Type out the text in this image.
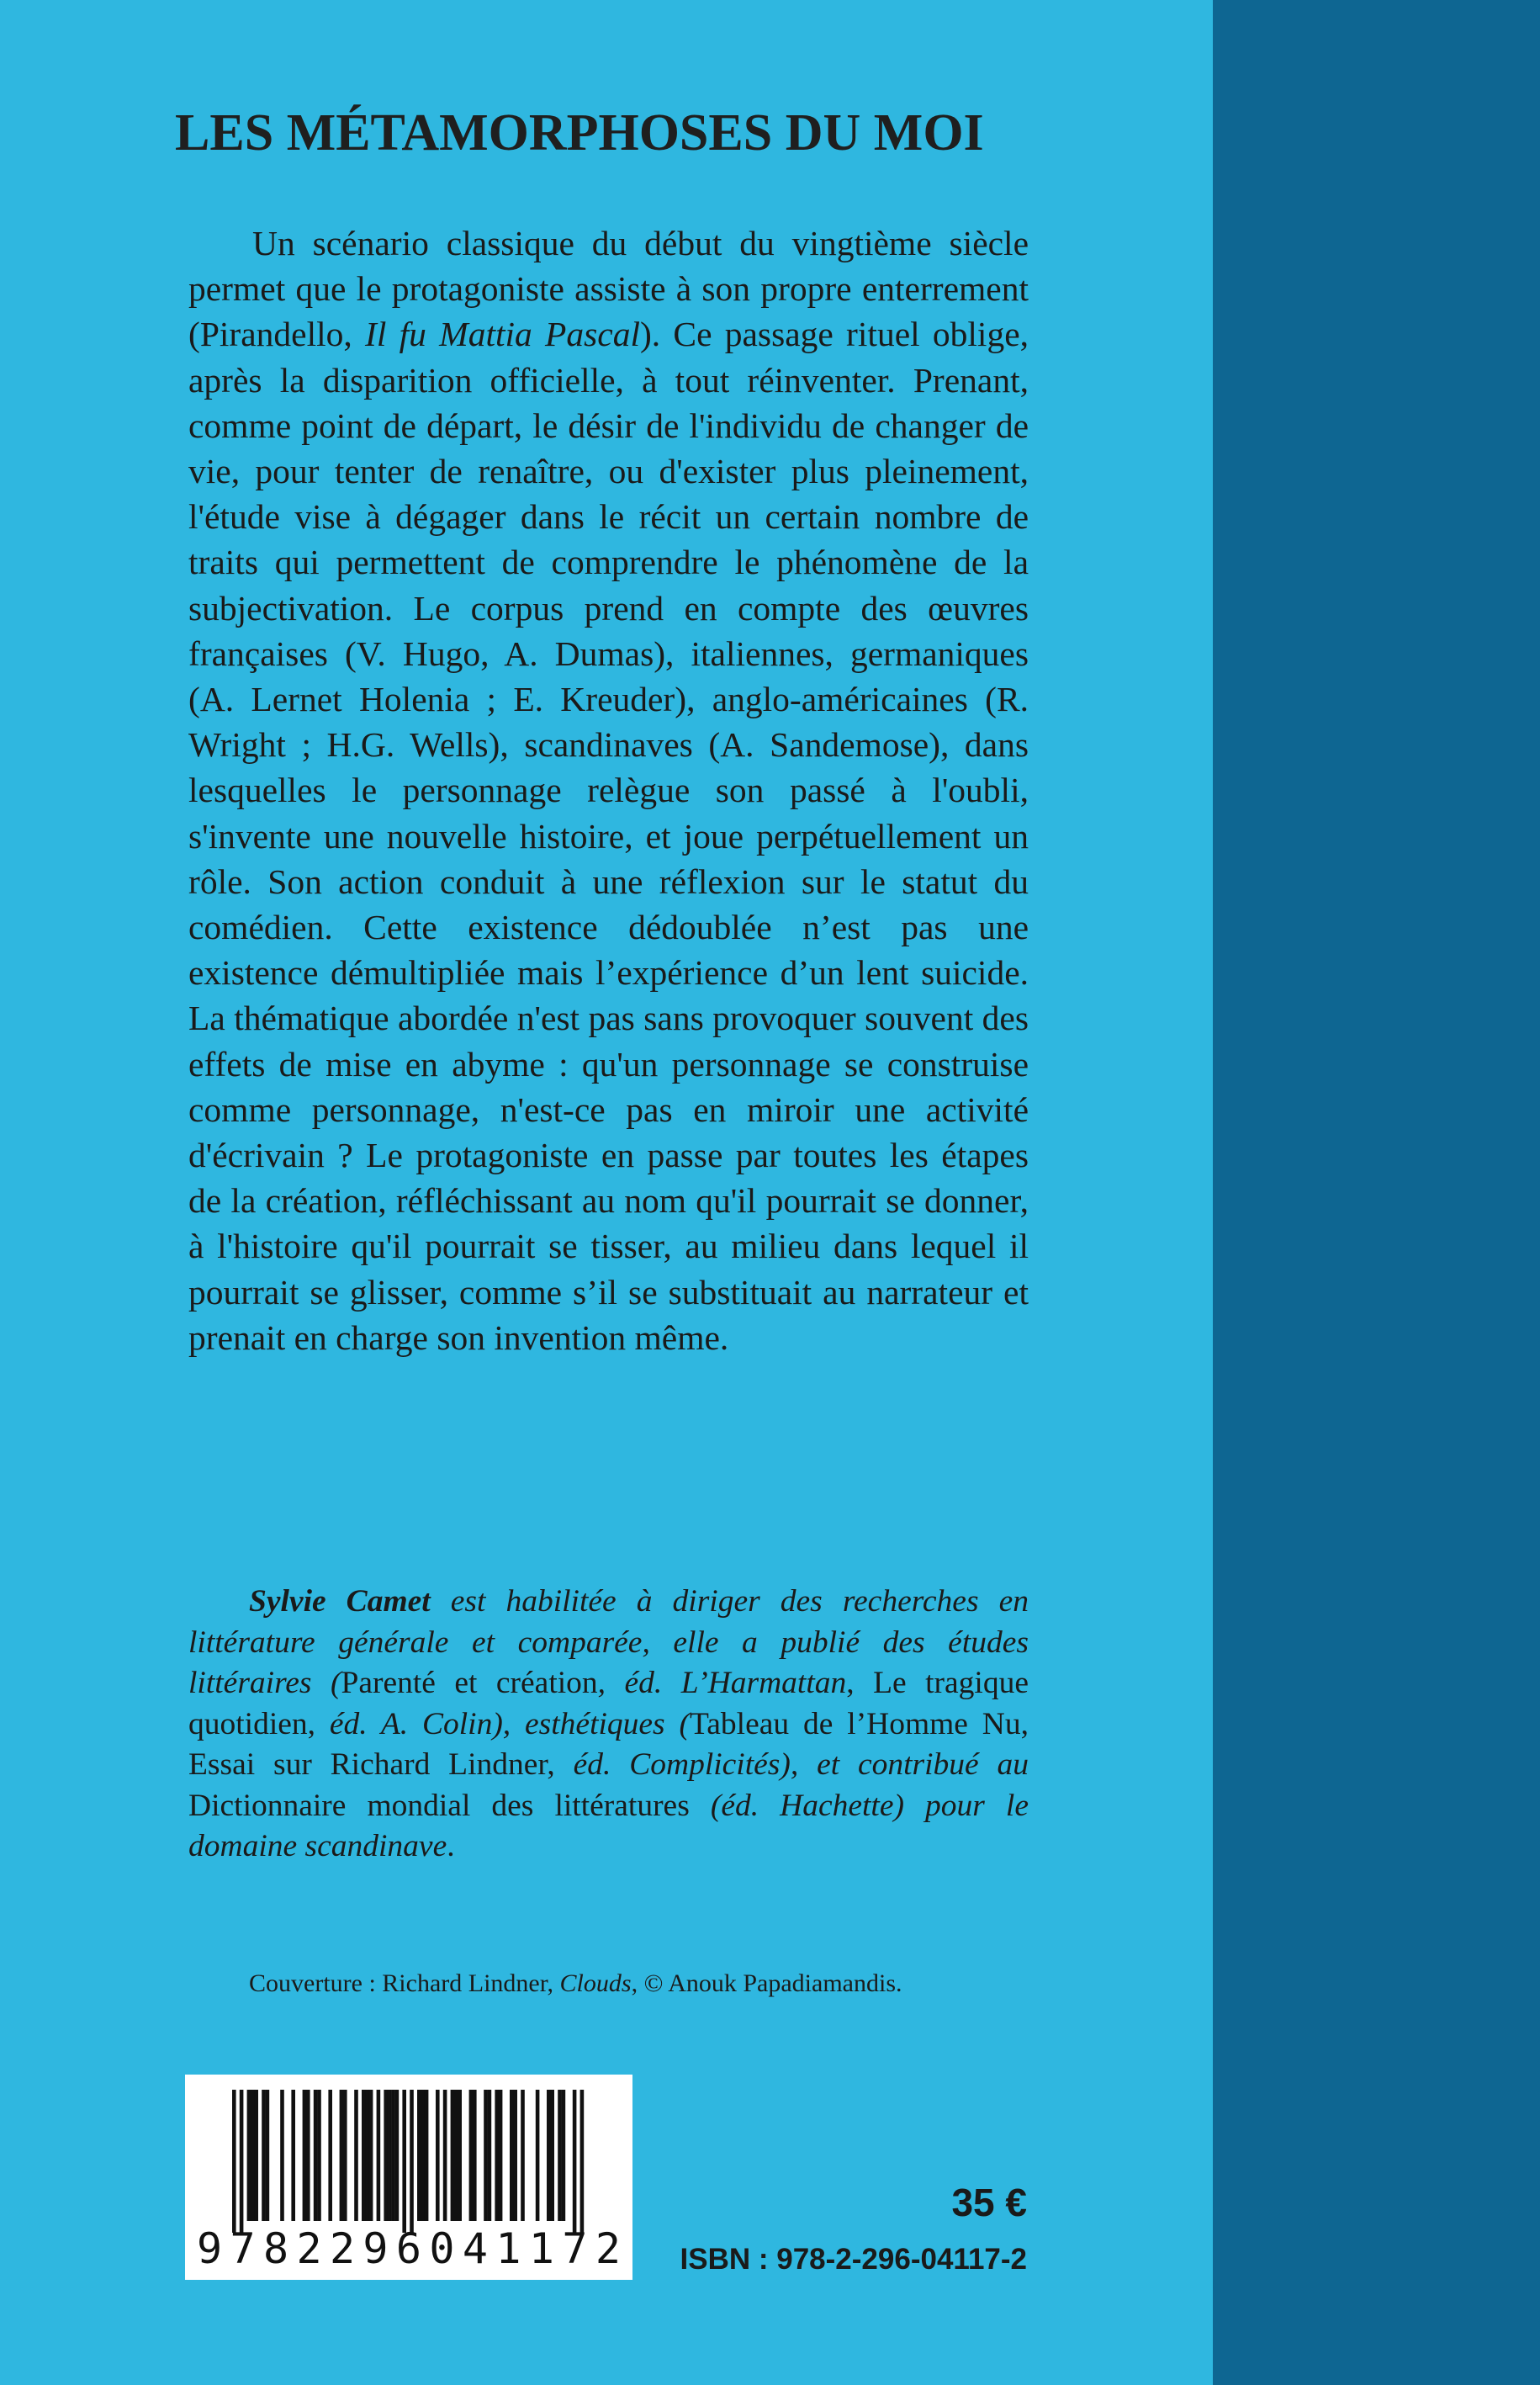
LES MÉTAMORPHOSES DU MOI

Un scénario classique du début du vingtième siècle permet que le protagoniste assiste à son propre enterrement (Pirandello, Il fu Mattia Pascal). Ce passage rituel oblige, après la disparition officielle, à tout réinventer. Prenant, comme point de départ, le désir de l'individu de changer de vie, pour tenter de renaître, ou d'exister plus pleinement, l'étude vise à dégager dans le récit un certain nombre de traits qui permettent de comprendre le phénomène de la subjectivation. Le corpus prend en compte des œuvres françaises (V. Hugo, A. Dumas), italiennes, germaniques (A. Lernet Holenia ; E. Kreuder), anglo-américaines (R. Wright ; H.G. Wells), scandinaves (A. Sandemose), dans lesquelles le personnage relègue son passé à l'oubli, s'invente une nouvelle histoire, et joue perpétuellement un rôle. Son action conduit à une réflexion sur le statut du comédien. Cette existence dédoublée n’est pas une existence démultipliée mais l’expérience d’un lent suicide. La thématique abordée n'est pas sans provoquer souvent des effets de mise en abyme : qu'un personnage se construise comme personnage, n'est-ce pas en miroir une activité d'écrivain ? Le protagoniste en passe par toutes les étapes de la création, réfléchissant au nom qu'il pourrait se donner, à l'histoire qu'il pourrait se tisser, au milieu dans lequel il pourrait se glisser, comme s’il se substituait au narrateur et prenait en charge son invention même.

Sylvie Camet est habilitée à diriger des recherches en littérature générale et comparée, elle a publié des études littéraires (Parenté et création, éd. L’Harmattan, Le tragique quotidien, éd. A. Colin), esthétiques (Tableau de l’Homme Nu, Essai sur Richard Lindner, éd. Complicités), et contribué au Dictionnaire mondial des littératures (éd. Hachette) pour le domaine scandinave.

Couverture : Richard Lindner, Clouds, © Anouk Papadiamandis.

9 7 8 2 2 9 6 0 4 1 1 7 2

35 €

ISBN : 978-2-296-04117-2
